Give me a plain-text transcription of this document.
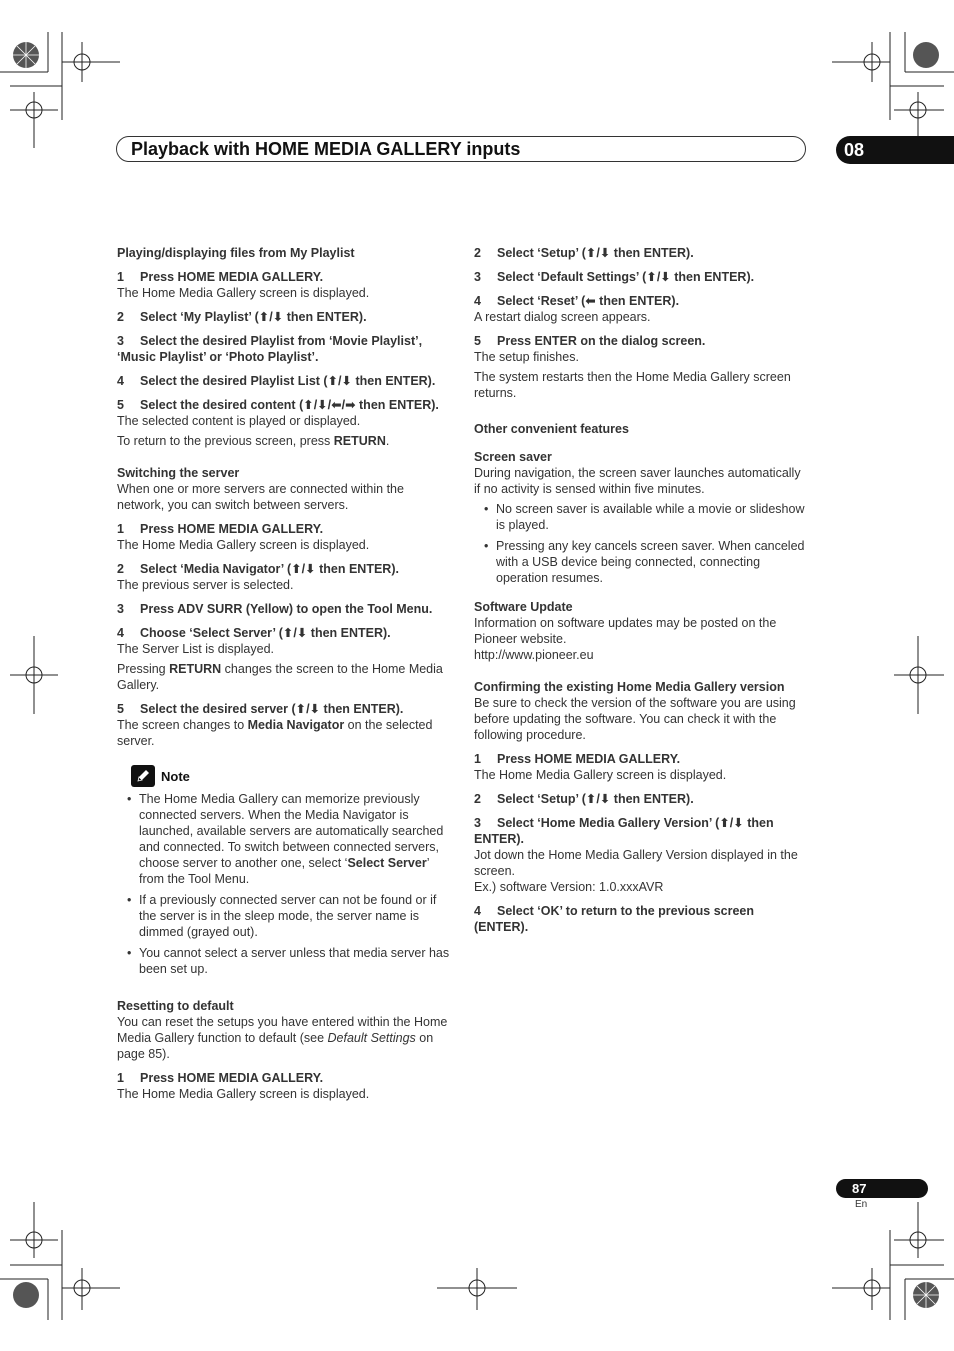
Playback with HOME MEDIA GALLERY inputs	08

Playing/displaying files from My Playlist

1 Press HOME MEDIA GALLERY.

The Home Media Gallery screen is displayed.

2 Select ‘My Playlist’ (⬆/⬇ then ENTER).

3 Select the desired Playlist from ‘Movie Playlist’, ‘Music Playlist’ or ‘Photo Playlist’.

4 Select the desired Playlist List (⬆/⬇ then ENTER).

5 Select the desired content (⬆/⬇/⬅/➡ then ENTER).

The selected content is played or displayed.

To return to the previous screen, press RETURN.

Switching the server

When one or more servers are connected within the network, you can switch between servers.

1 Press HOME MEDIA GALLERY.

The Home Media Gallery screen is displayed.

2 Select ‘Media Navigator’ (⬆/⬇ then ENTER).

The previous server is selected.

3 Press ADV SURR (Yellow) to open the Tool Menu.

4 Choose ‘Select Server’ (⬆/⬇ then ENTER).

The Server List is displayed.

Pressing RETURN changes the screen to the Home Media Gallery.

5 Select the desired server (⬆/⬇ then ENTER).

The screen changes to Media Navigator on the selected server.

Note
• The Home Media Gallery can memorize previously connected servers. When the Media Navigator is launched, available servers are automatically searched and connected. To switch between connected servers, choose server to another one, select ‘Select Server’ from the Tool Menu.
• If a previously connected server can not be found or if the server is in the sleep mode, the server name is dimmed (grayed out).
• You cannot select a server unless that media server has been set up.

Resetting to default

You can reset the setups you have entered within the Home Media Gallery function to default (see Default Settings on page 85).

1 Press HOME MEDIA GALLERY.

The Home Media Gallery screen is displayed.

2 Select ‘Setup’ (⬆/⬇ then ENTER).

3 Select ‘Default Settings’ (⬆/⬇ then ENTER).

4 Select ‘Reset’ (⬅ then ENTER).

A restart dialog screen appears.

5 Press ENTER on the dialog screen.

The setup finishes.

The system restarts then the Home Media Gallery screen returns.

Other convenient features

Screen saver

During navigation, the screen saver launches automatically if no activity is sensed within five minutes.

• No screen saver is available while a movie or slideshow is played.
• Pressing any key cancels screen saver. When canceled with a USB device being connected, connecting operation resumes.

Software Update

Information on software updates may be posted on the Pioneer website.

http://www.pioneer.eu

Confirming the existing Home Media Gallery version

Be sure to check the version of the software you are using before updating the software. You can check it with the following procedure.

1 Press HOME MEDIA GALLERY.

The Home Media Gallery screen is displayed.

2 Select ‘Setup’ (⬆/⬇ then ENTER).

3 Select ‘Home Media Gallery Version’ (⬆/⬇ then ENTER).

Jot down the Home Media Gallery Version displayed in the screen.

Ex.) software Version: 1.0.xxxAVR

4 Select ‘OK’ to return to the previous screen (ENTER).

87
En
